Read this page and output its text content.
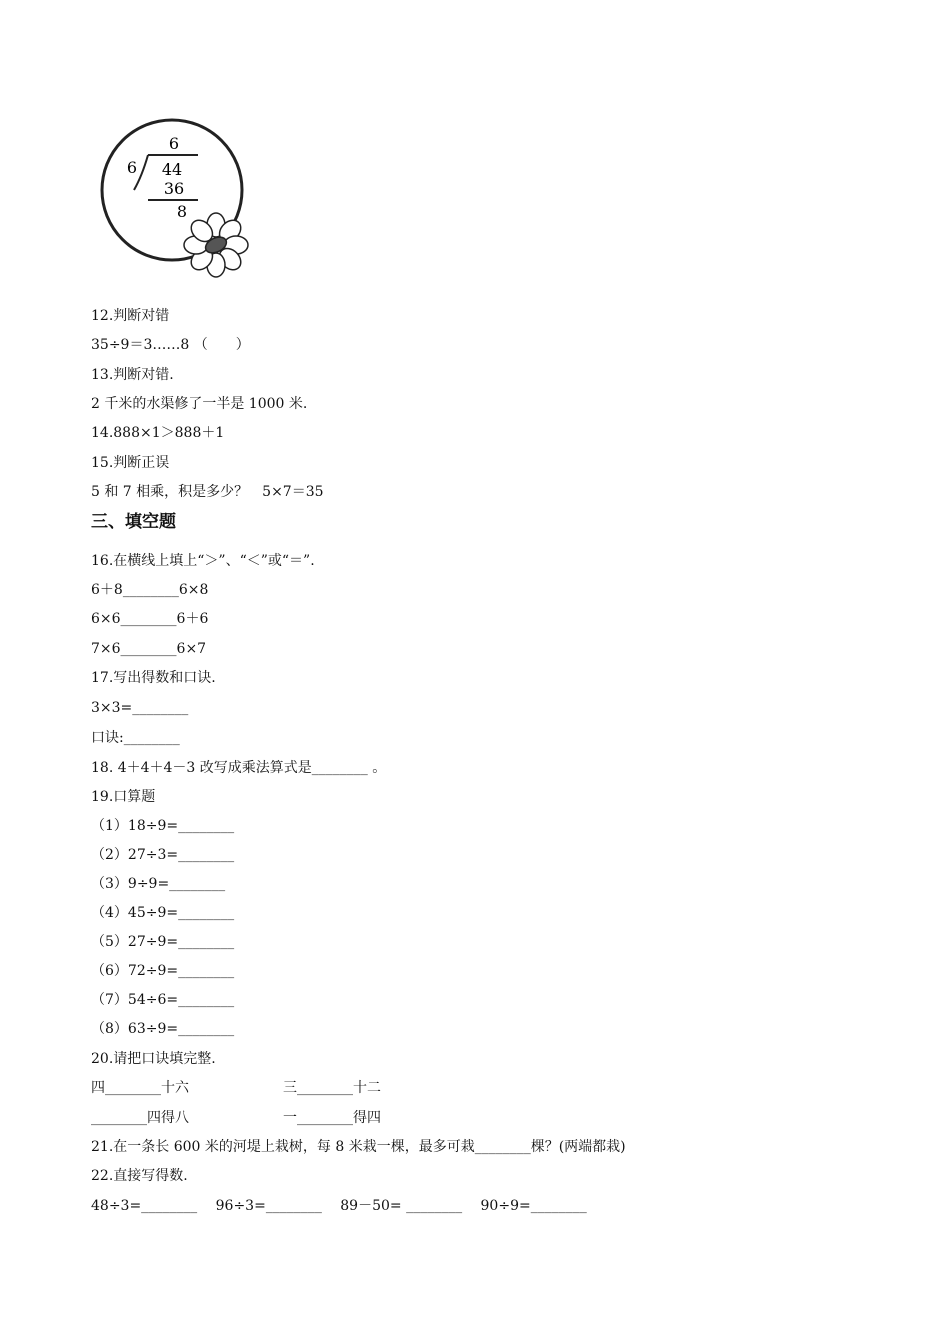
6
6 44
36
8
12.判断对错
35÷9＝3……8 （　　）
13.判断对错.
2 千米的水渠修了一半是 1000 米.
14.888×1＞888＋1
15.判断正误
5 和 7 相乘，积是多少？　5×7＝35
三、填空题
16.在横线上填上“＞”、“＜”或“＝”.
6＋8________6×8
6×6________6＋6
7×6________6×7
17.写出得数和口诀.
3×3=________
口诀:________
18. 4＋4＋4－3 改写成乘法算式是________ 。
19.口算题
（1）18÷9=________
（2）27÷3=________
（3）9÷9=________
（4）45÷9=________
（5）27÷9=________
（6）72÷9=________
（7）54÷6=________
（8）63÷9=________
20.请把口诀填完整.
四________十六	三________十二
________四得八	一________得四
21.在一条长 600 米的河堤上栽树，每 8 米栽一棵，最多可栽________棵？(两端都栽)
22.直接写得数.
48÷3=________　 96÷3=________　 89－50= ________　 90÷9=________
